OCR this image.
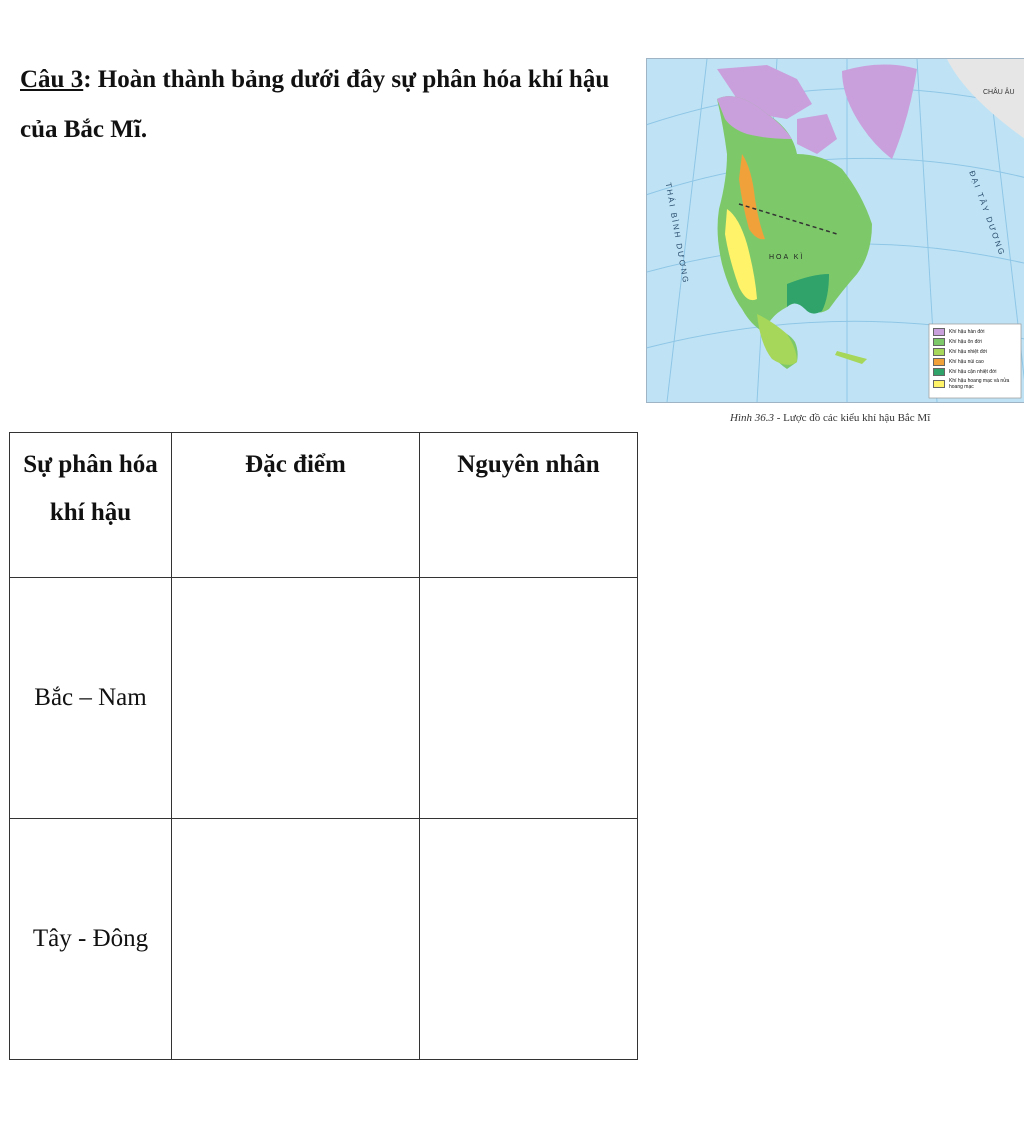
Câu 3: Hoàn thành bảng dưới đây sự phân hóa khí hậu của Bắc Mĩ.
CHÂU ÂU
THÁI BÌNH DƯƠNG	ĐẠI TÂY DƯƠNG
HOA KÌ
Khí hậu hàn đới
Khí hậu ôn đới
Khí hậu nhiệt đới
Khí hậu núi cao
Khí hậu cận nhiệt đới
Khí hậu hoang mạc và nửa hoang mạc
Hình 36.3 - Lược đồ các kiểu khí hậu Bắc Mĩ
Sự phân hóa khí hậu	Đặc điểm	Nguyên nhân
Bắc – Nam		
Tây - Đông		
